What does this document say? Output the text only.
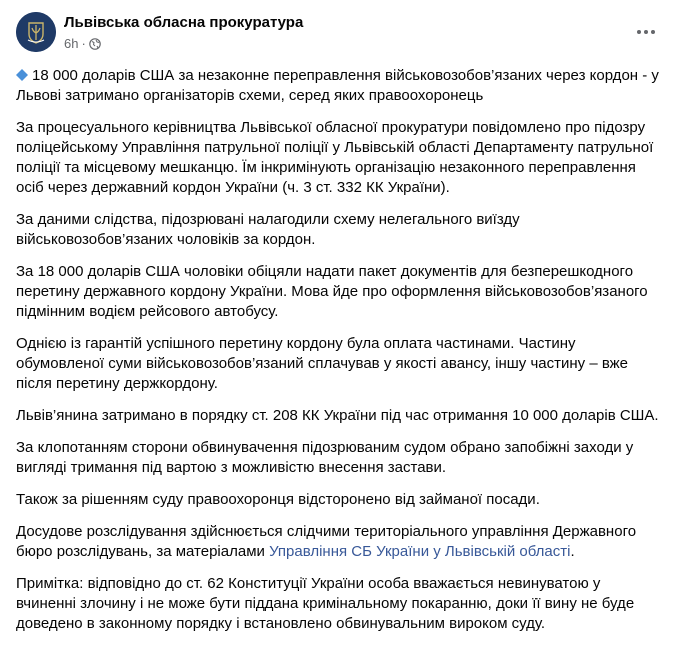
Львівська обласна прокуратура
6h ·

18 000 доларів США за незаконне переправлення військовозобов’язаних через кордон - у Львові затримано організаторів схеми, серед яких правоохоронець

За процесуального керівництва Львівської обласної прокуратури повідомлено про підозру поліцейському Управління патрульної поліції у Львівській області Департаменту патрульної поліції та місцевому мешканцю. Їм інкримінують організацію незаконного переправлення осіб через державний кордон України (ч. 3 ст. 332 КК України).

За даними слідства, підозрювані налагодили схему нелегального виїзду військовозобов’язаних чоловіків за кордон.

За 18 000 доларів США чоловіки обіцяли надати пакет документів для безперешкодного перетину державного кордону України. Мова йде про оформлення військовозобов’язаного підмінним водієм рейсового автобусу.

Однією із гарантій успішного перетину кордону була оплата частинами. Частину обумовленої суми військовозобов’язаний сплачував у якості авансу, іншу частину – вже після перетину держкордону.

Львів’янина затримано в порядку ст. 208 КК України під час отримання 10 000 доларів США.

За клопотанням сторони обвинувачення підозрюваним судом обрано запобіжні заходи у вигляді тримання під вартою з можливістю внесення застави.

Також за рішенням суду правоохоронця відсторонено від займаної посади.

Досудове розслідування здійснюється слідчими територіального управління Державного бюро розслідувань, за матеріалами Управління СБ України у Львівській області.

Примітка: відповідно до ст. 62 Конституції України особа вважається невинуватою у вчиненні злочину і не може бути піддана кримінальному покаранню, доки її вину не буде доведено в законному порядку і встановлено обвинувальним вироком суду.
